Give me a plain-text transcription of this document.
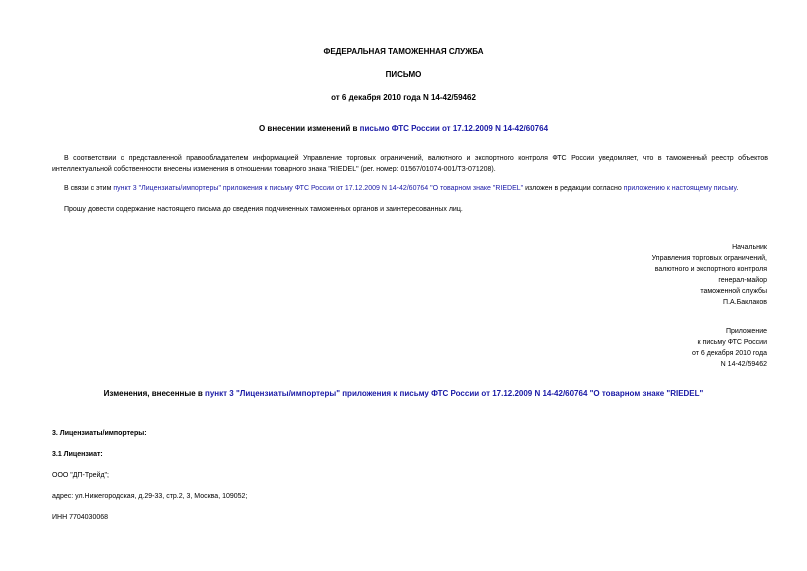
ФЕДЕРАЛЬНАЯ ТАМОЖЕННАЯ СЛУЖБА
ПИСЬМО
от 6 декабря 2010 года N 14-42/59462
О внесении изменений в письмо ФТС России от 17.12.2009 N 14-42/60764
В соответствии с представленной правообладателем информацией Управление торговых ограничений, валютного и экспортного контроля ФТС России уведомляет, что в таможенный реестр объектов интеллектуальной собственности внесены изменения в отношении товарного знака "RIEDEL" (рег. номер: 01567/01074-001/ТЗ-071208).
В связи с этим пункт 3 "Лицензиаты/импортеры" приложения к письму ФТС России от 17.12.2009 N 14-42/60764 "О товарном знаке "RIEDEL" изложен в редакции согласно приложению к настоящему письму.
Прошу довести содержание настоящего письма до сведения подчиненных таможенных органов и заинтересованных лиц.
Начальник
Управления торговых ограничений,
валютного и экспортного контроля
генерал-майор
таможенной службы
П.А.Баклаков
Приложение
к письму ФТС России
от 6 декабря 2010 года
N 14-42/59462
Изменения, внесенные в пункт 3 "Лицензиаты/импортеры" приложения к письму ФТС России от 17.12.2009 N 14-42/60764 "О товарном знаке "RIEDEL"
3. Лицензиаты/импортеры:
3.1 Лицензиат:
ООО "ДП-Трейд";
адрес: ул.Нижегородская, д.29-33, стр.2, 3, Москва, 109052;
ИНН 7704030068
